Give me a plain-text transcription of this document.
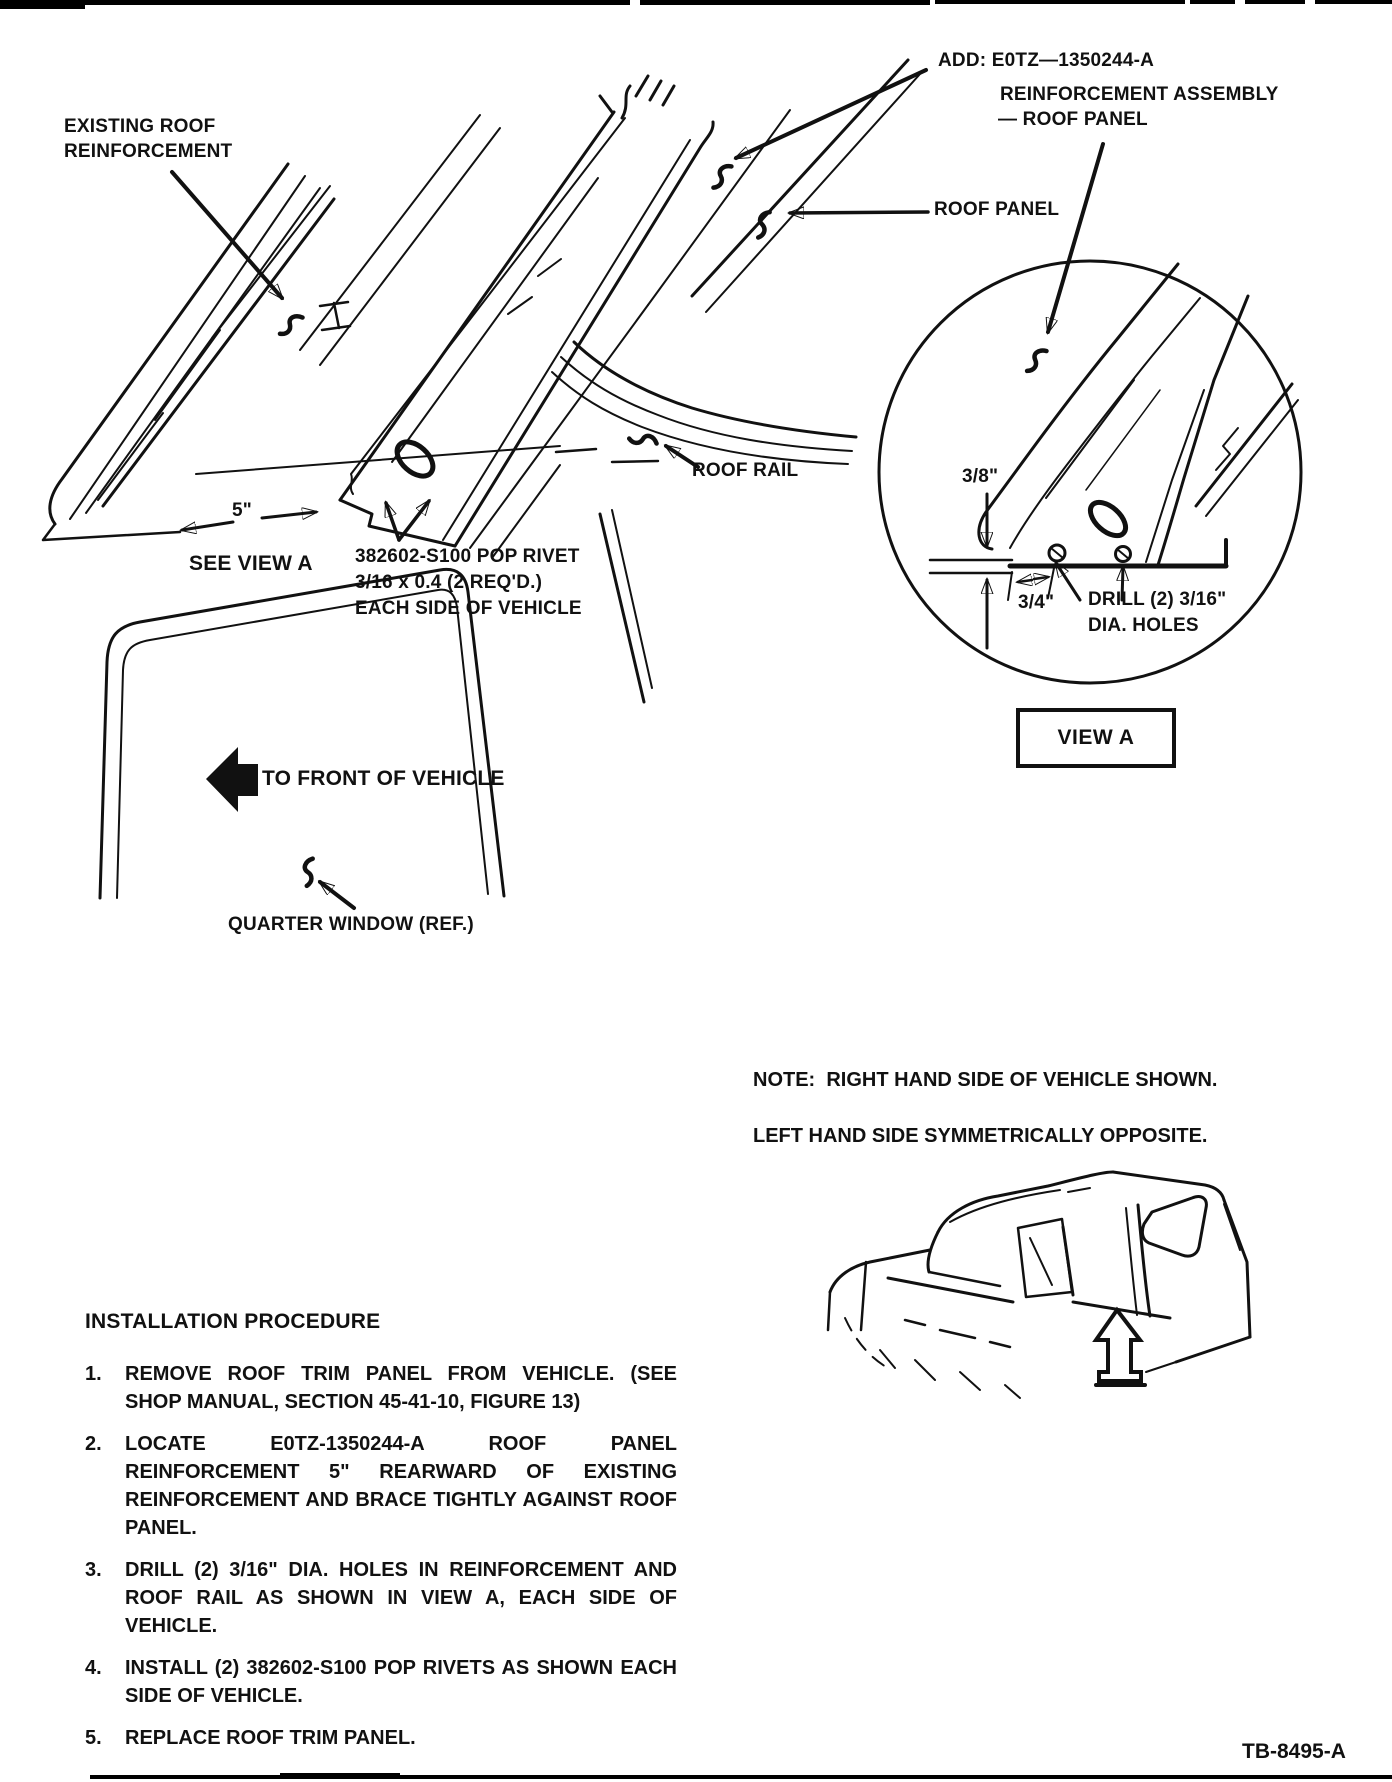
ADD: E0TZ—1350244-A
REINFORCEMENT ASSEMBLY
— ROOF PANEL
EXISTING ROOF
REINFORCEMENT
ROOF PANEL
ROOF RAIL
5"
SEE VIEW A 382602-S100 POP RIVET
3/16 x 0.4 (2 REQ'D.)
EACH SIDE OF VEHICLE
3/8"
3/4" DRILL (2) 3/16"
DIA. HOLES
VIEW A
TO FRONT OF VEHICLE
QUARTER WINDOW (REF.)
NOTE:  RIGHT HAND SIDE OF VEHICLE SHOWN.

LEFT HAND SIDE SYMMETRICALLY OPPOSITE.
INSTALLATION PROCEDURE
1.	REMOVE ROOF TRIM PANEL FROM VEHICLE. (SEE SHOP MANUAL, SECTION 45-41-10, FIGURE 13)
2.	LOCATE E0TZ-1350244-A ROOF PANEL REINFORCEMENT 5" REARWARD OF EXISTING REINFORCEMENT AND BRACE TIGHTLY AGAINST ROOF PANEL.
3.	DRILL (2) 3/16" DIA. HOLES IN REINFORCEMENT AND ROOF RAIL AS SHOWN IN VIEW A, EACH SIDE OF VEHICLE.
4.	INSTALL (2) 382602-S100 POP RIVETS AS SHOWN EACH SIDE OF VEHICLE.
5.	REPLACE ROOF TRIM PANEL.
TB-8495-A
